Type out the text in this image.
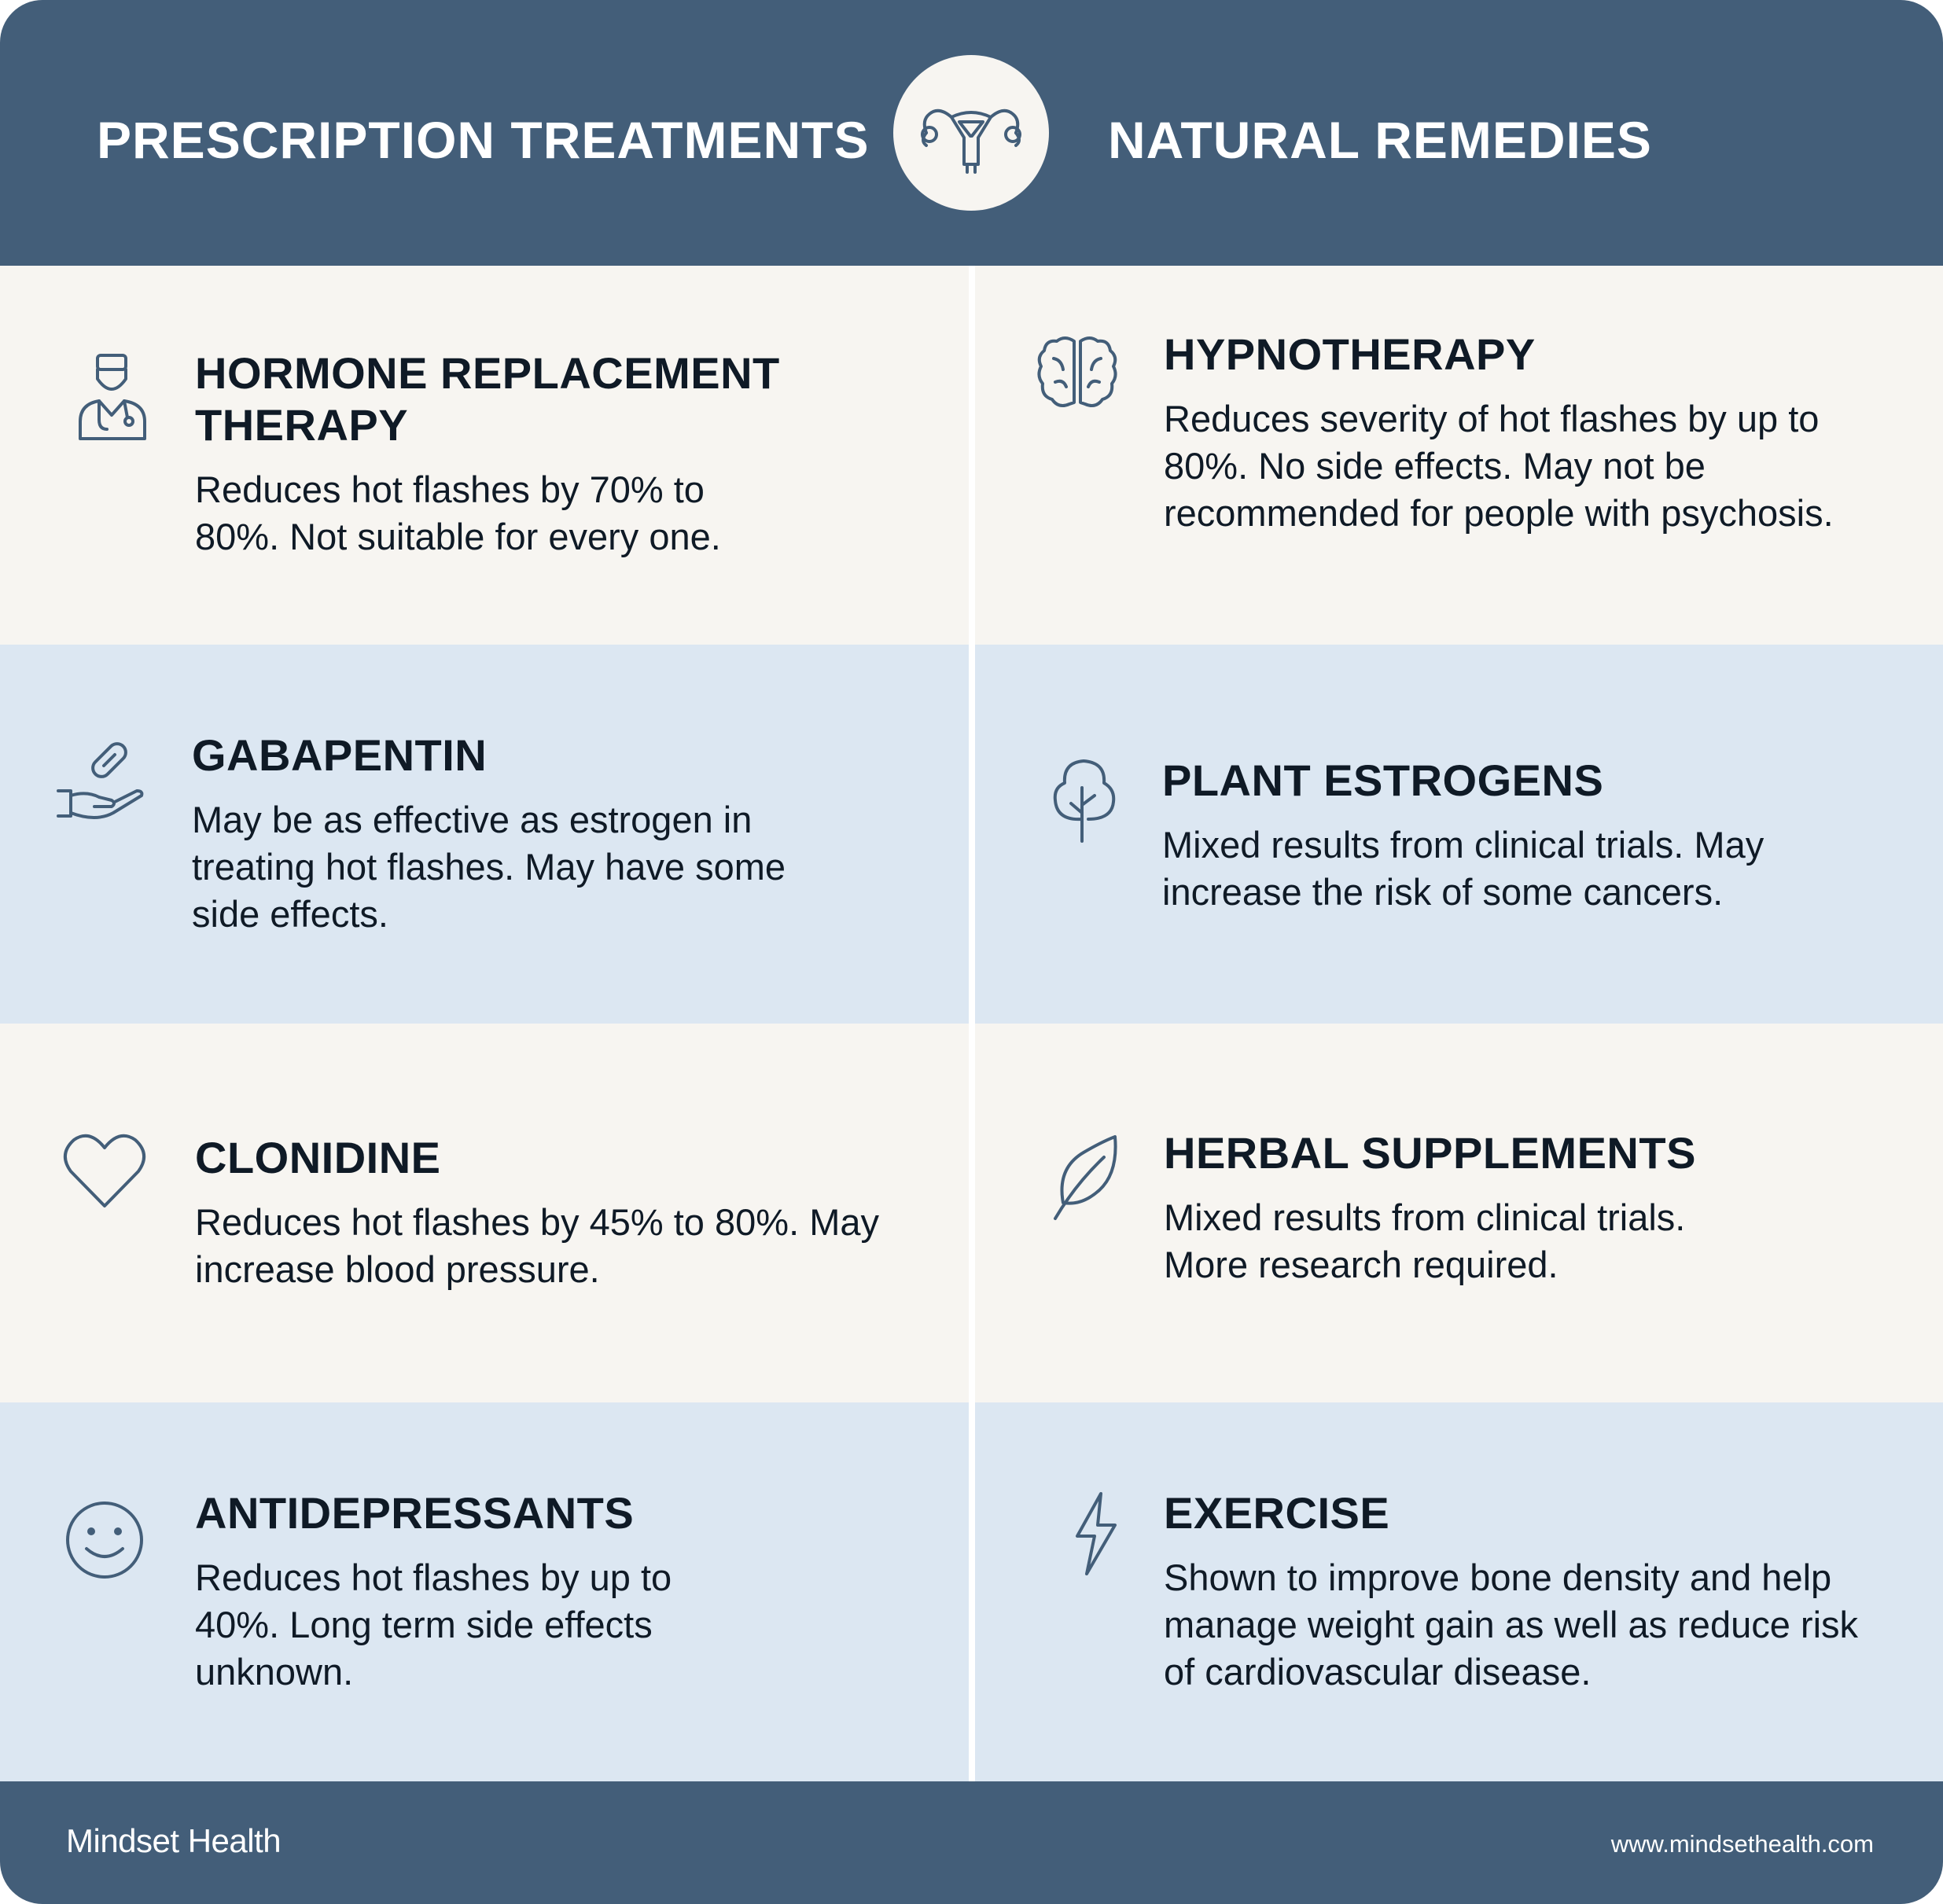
PRESCRIPTION TREATMENTS	NATURAL REMEDIES
HORMONE REPLACEMENT THERAPY

Reduces hot flashes by 70% to 80%. Not suitable for every one.

GABAPENTIN

May be as effective as estrogen in treating hot flashes. May have some side effects.

CLONIDINE

Reduces hot flashes by 45% to 80%. May increase blood pressure.

ANTIDEPRESSANTS

Reduces hot flashes by up to 40%. Long term side effects unknown.

HYPNOTHERAPY

Reduces severity of hot flashes by up to 80%. No side effects. May not be recommended for people with psychosis.

PLANT ESTROGENS

Mixed results from clinical trials. May increase the risk of some cancers.

HERBAL SUPPLEMENTS

Mixed results from clinical trials. More research required.

EXERCISE

Shown to improve bone density and help manage weight gain as well as reduce risk of cardiovascular disease.

Mindset Health	www.mindsethealth.com
